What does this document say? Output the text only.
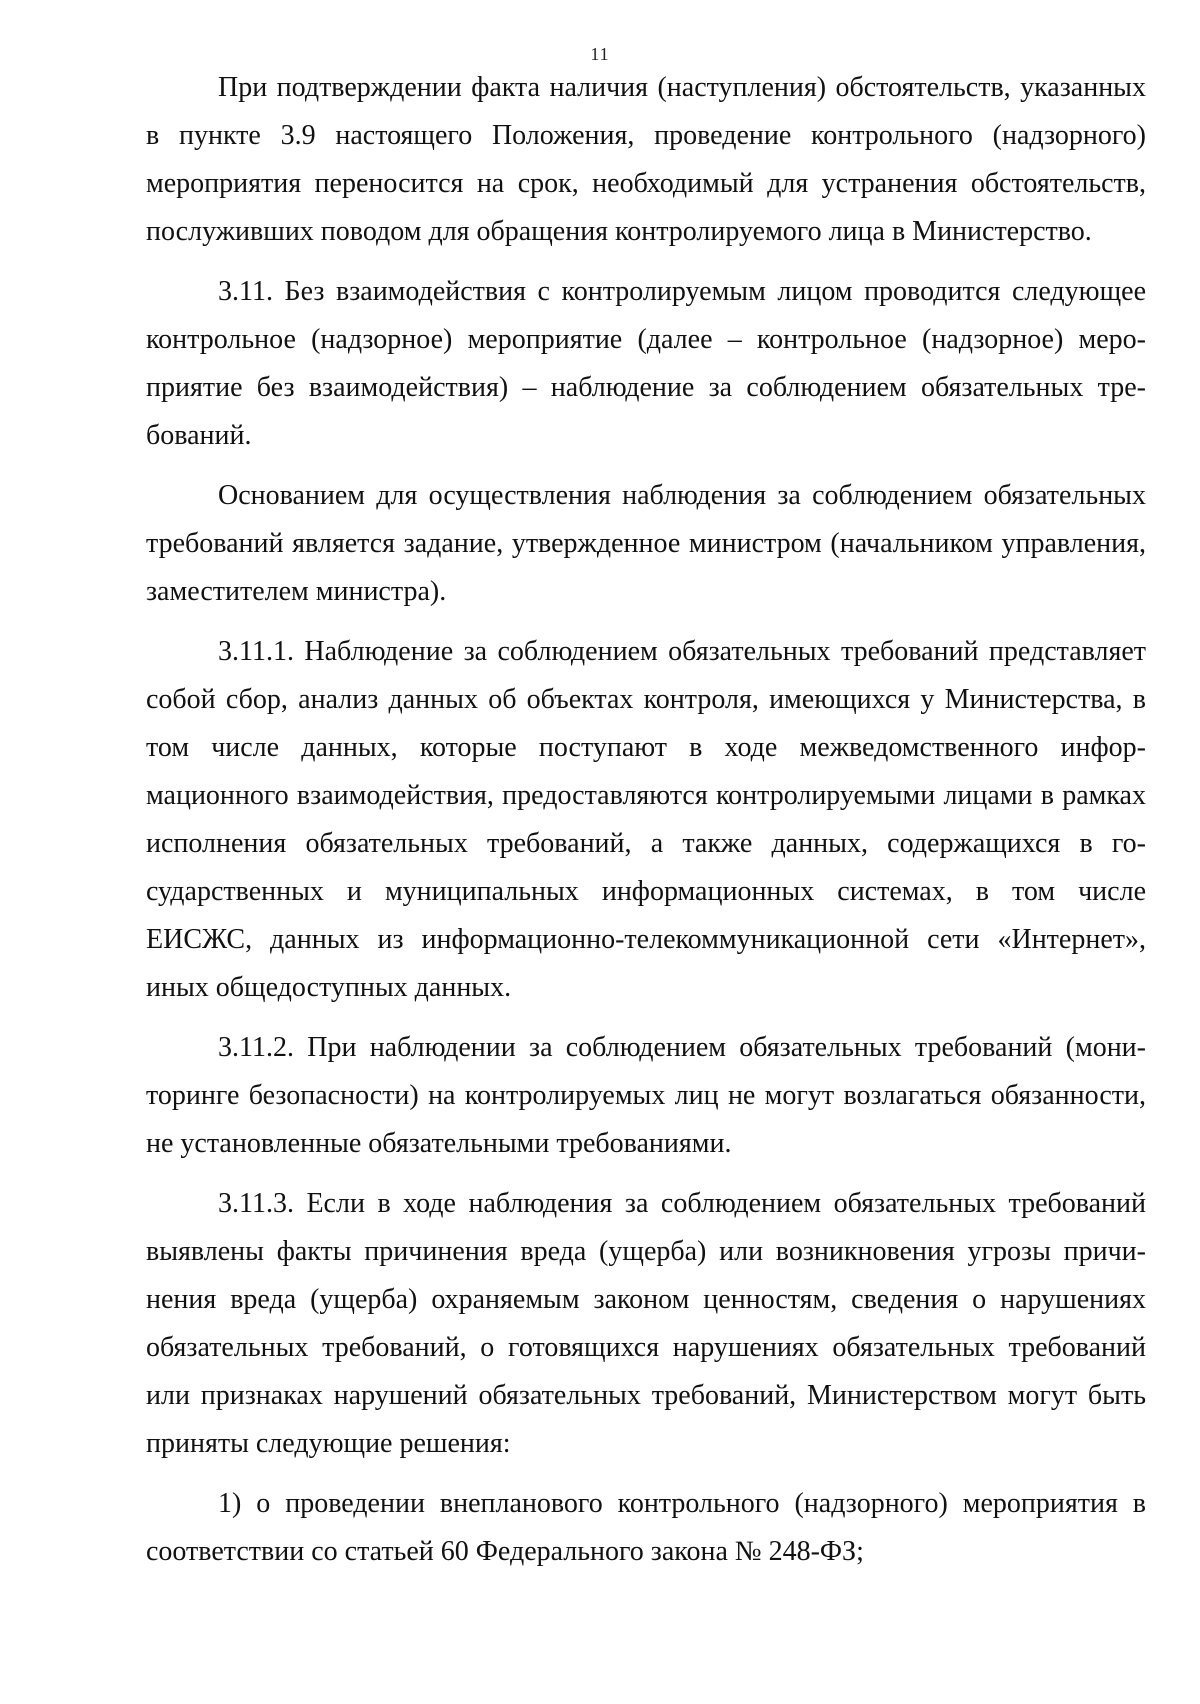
11

При подтверждении факта наличия (наступления) обстоятельств, указанных в пункте 3.9 настоящего Положения, проведение контрольного (надзорного) мероприятия переносится на срок, необходимый для устранения обстоятельств, послуживших поводом для обращения контролируемого лица в Министерство.

3.11. Без взаимодействия с контролируемым лицом проводится следующее контрольное (надзорное) мероприятие (далее – контрольное (надзорное) мероприятие без взаимодействия) – наблюдение за соблюдением обязательных требований.

Основанием для осуществления наблюдения за соблюдением обязательных требований является задание, утвержденное министром (начальником управления, заместителем министра).

3.11.1. Наблюдение за соблюдением обязательных требований представляет собой сбор, анализ данных об объектах контроля, имеющихся у Министерства, в том числе данных, которые поступают в ходе межведомственного информационного взаимодействия, предоставляются контролируемыми лицами в рамках исполнения обязательных требований, а также данных, содержащихся в государственных и муниципальных информационных системах, в том числе ЕИСЖС, данных из информационно-телекоммуникационной сети «Интернет», иных общедоступных данных.

3.11.2. При наблюдении за соблюдением обязательных требований (мониторинге безопасности) на контролируемых лиц не могут возлагаться обязанности, не установленные обязательными требованиями.

3.11.3. Если в ходе наблюдения за соблюдением обязательных требований выявлены факты причинения вреда (ущерба) или возникновения угрозы причинения вреда (ущерба) охраняемым законом ценностям, сведения о нарушениях обязательных требований, о готовящихся нарушениях обязательных требований или признаках нарушений обязательных требований, Министерством могут быть приняты следующие решения:

1) о проведении внепланового контрольного (надзорного) мероприятия в соответствии со статьей 60 Федерального закона № 248-ФЗ;
